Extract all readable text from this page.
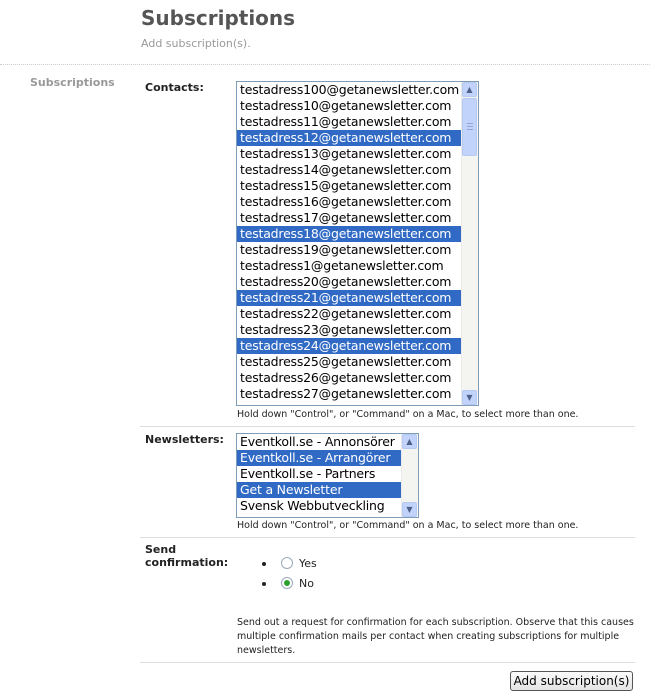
Subscriptions
Add subscription(s).
Subscriptions	Contacts:	testadress100@getanewsletter.com
testadress10@getanewsletter.com
testadress11@getanewsletter.com
testadress12@getanewsletter.com
testadress13@getanewsletter.com
testadress14@getanewsletter.com
testadress15@getanewsletter.com
testadress16@getanewsletter.com
testadress17@getanewsletter.com
testadress18@getanewsletter.com
testadress19@getanewsletter.com
testadress1@getanewsletter.com
testadress20@getanewsletter.com
testadress21@getanewsletter.com
testadress22@getanewsletter.com
testadress23@getanewsletter.com
testadress24@getanewsletter.com
testadress25@getanewsletter.com
testadress26@getanewsletter.com
testadress27@getanewsletter.com
▲
▼
Hold down "Control", or "Command" on a Mac, to select more than one.
Newsletters: Eventkoll.se - Annonsörer
Eventkoll.se - Arrangörer
Eventkoll.se - Partners
Get a Newsletter
Svensk Webbutveckling
▲
▼
Hold down "Control", or "Command" on a Mac, to select more than one.
Send
confirmation:	Yes
No
Send out a request for confirmation for each subscription. Observe that this causes multiple confirmation mails per contact when creating subscriptions for multiple newsletters.
Add subscription(s)
